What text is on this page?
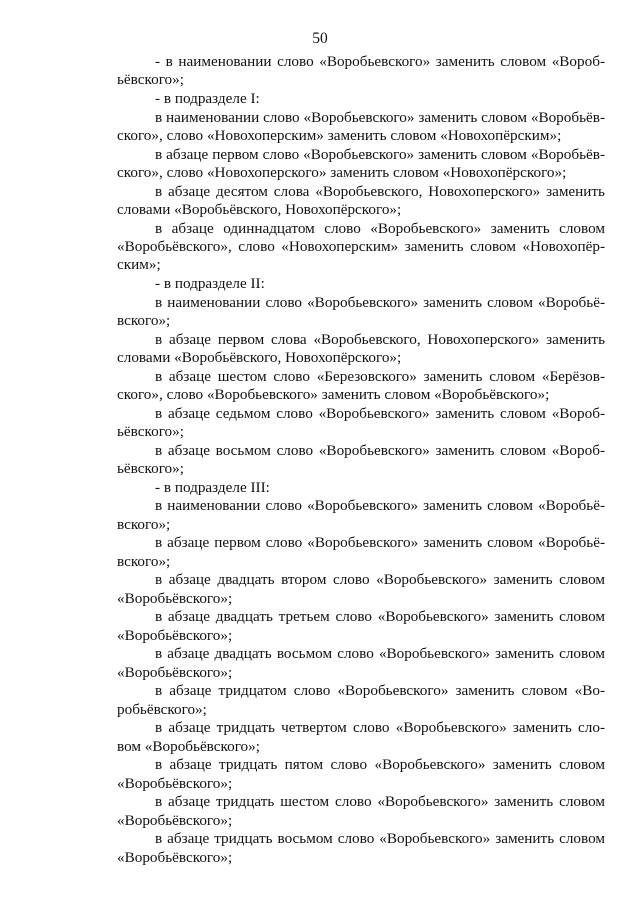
50

- в наименовании слово «Воробьевского» заменить словом «Воробьёвского»;

- в подразделе I:

в наименовании слово «Воробьевского» заменить словом «Воробьёвского», слово «Новохоперским» заменить словом «Новохопёрским»;

в абзаце первом слово «Воробьевского» заменить словом «Воробьёвского», слово «Новохоперского» заменить словом «Новохопёрского»;

в абзаце десятом слова «Воробьевского, Новохоперского» заменить словами «Воробьёвского, Новохопёрского»;

в абзаце одиннадцатом слово «Воробьевского» заменить словом «Воробьёвского», слово «Новохоперским» заменить словом «Новохопёрским»;

- в подразделе II:

в наименовании слово «Воробьевского» заменить словом «Воробьёвского»;

в абзаце первом слова «Воробьевского, Новохоперского» заменить словами «Воробьёвского, Новохопёрского»;

в абзаце шестом слово «Березовского» заменить словом «Берёзовского», слово «Воробьевского» заменить словом «Воробьёвского»;

в абзаце седьмом слово «Воробьевского» заменить словом «Воробьёвского»;

в абзаце восьмом слово «Воробьевского» заменить словом «Воробьёвского»;

- в подразделе III:

в наименовании слово «Воробьевского» заменить словом «Воробьёвского»;

в абзаце первом слово «Воробьевского» заменить словом «Воробьёвского»;

в абзаце двадцать втором слово «Воробьевского» заменить словом «Воробьёвского»;

в абзаце двадцать третьем слово «Воробьевского» заменить словом «Воробьёвского»;

в абзаце двадцать восьмом слово «Воробьевского» заменить словом «Воробьёвского»;

в абзаце тридцатом слово «Воробьевского» заменить словом «Воробьёвского»;

в абзаце тридцать четвертом слово «Воробьевского» заменить словом «Воробьёвского»;

в абзаце тридцать пятом слово «Воробьевского» заменить словом «Воробьёвского»;

в абзаце тридцать шестом слово «Воробьевского» заменить словом «Воробьёвского»;

в абзаце тридцать восьмом слово «Воробьевского» заменить словом «Воробьёвского»;
